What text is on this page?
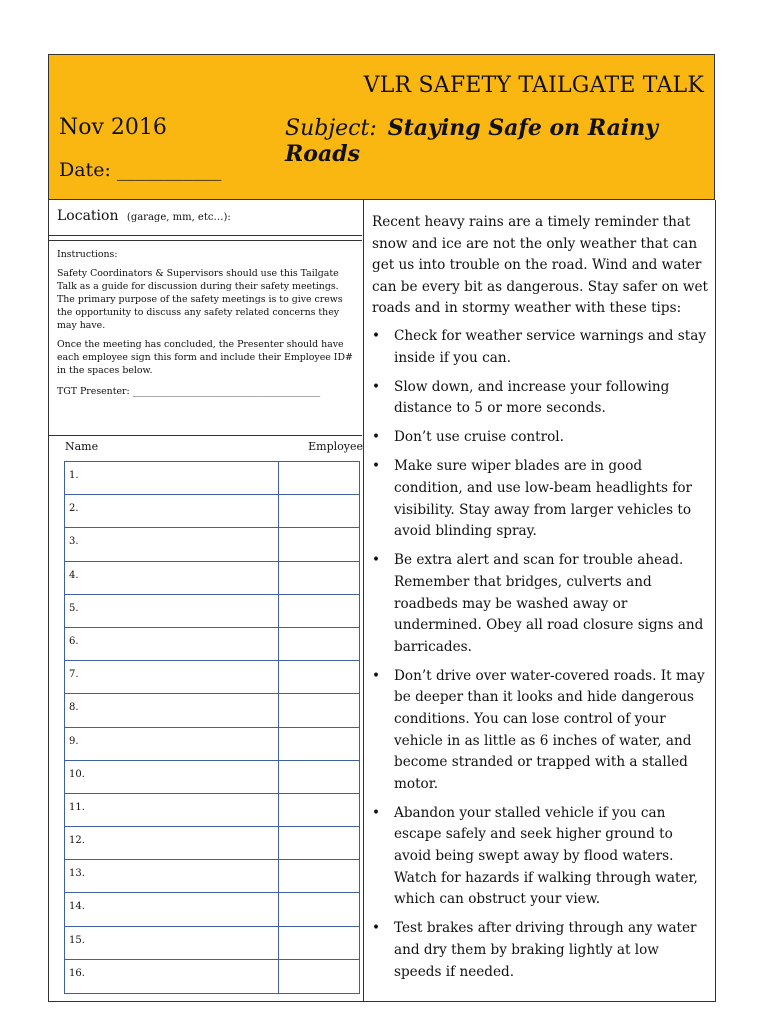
VLR SAFETY TAILGATE TALK
Nov 2016	Subject: Staying Safe on Rainy Roads
Date: ___________
Location (garage, mm, etc…):

Instructions:

Safety Coordinators & Supervisors should use this Tailgate Talk as a guide for discussion during their safety meetings. The primary purpose of the safety meetings is to give crews the opportunity to discuss any safety related concerns they may have.

Once the meeting has concluded, the Presenter should have each employee sign this form and include their Employee ID# in the spaces below.

TGT Presenter: ________________________________________

Name	Employee
1.
2.
3.
4.
5.
6.
7.
8.
9.
10.
11.
12.
13.
14.
15.
16.

Recent heavy rains are a timely reminder that snow and ice are not the only weather that can get us into trouble on the road. Wind and water can be every bit as dangerous. Stay safer on wet roads and in stormy weather with these tips:

• Check for weather service warnings and stay inside if you can.
• Slow down, and increase your following distance to 5 or more seconds.
• Don’t use cruise control.
• Make sure wiper blades are in good condition, and use low-beam headlights for visibility. Stay away from larger vehicles to avoid blinding spray.
• Be extra alert and scan for trouble ahead. Remember that bridges, culverts and roadbeds may be washed away or undermined. Obey all road closure signs and barricades.
• Don’t drive over water-covered roads. It may be deeper than it looks and hide dangerous conditions. You can lose control of your vehicle in as little as 6 inches of water, and become stranded or trapped with a stalled motor.
• Abandon your stalled vehicle if you can escape safely and seek higher ground to avoid being swept away by flood waters. Watch for hazards if walking through water, which can obstruct your view.
• Test brakes after driving through any water and dry them by braking lightly at low speeds if needed.
